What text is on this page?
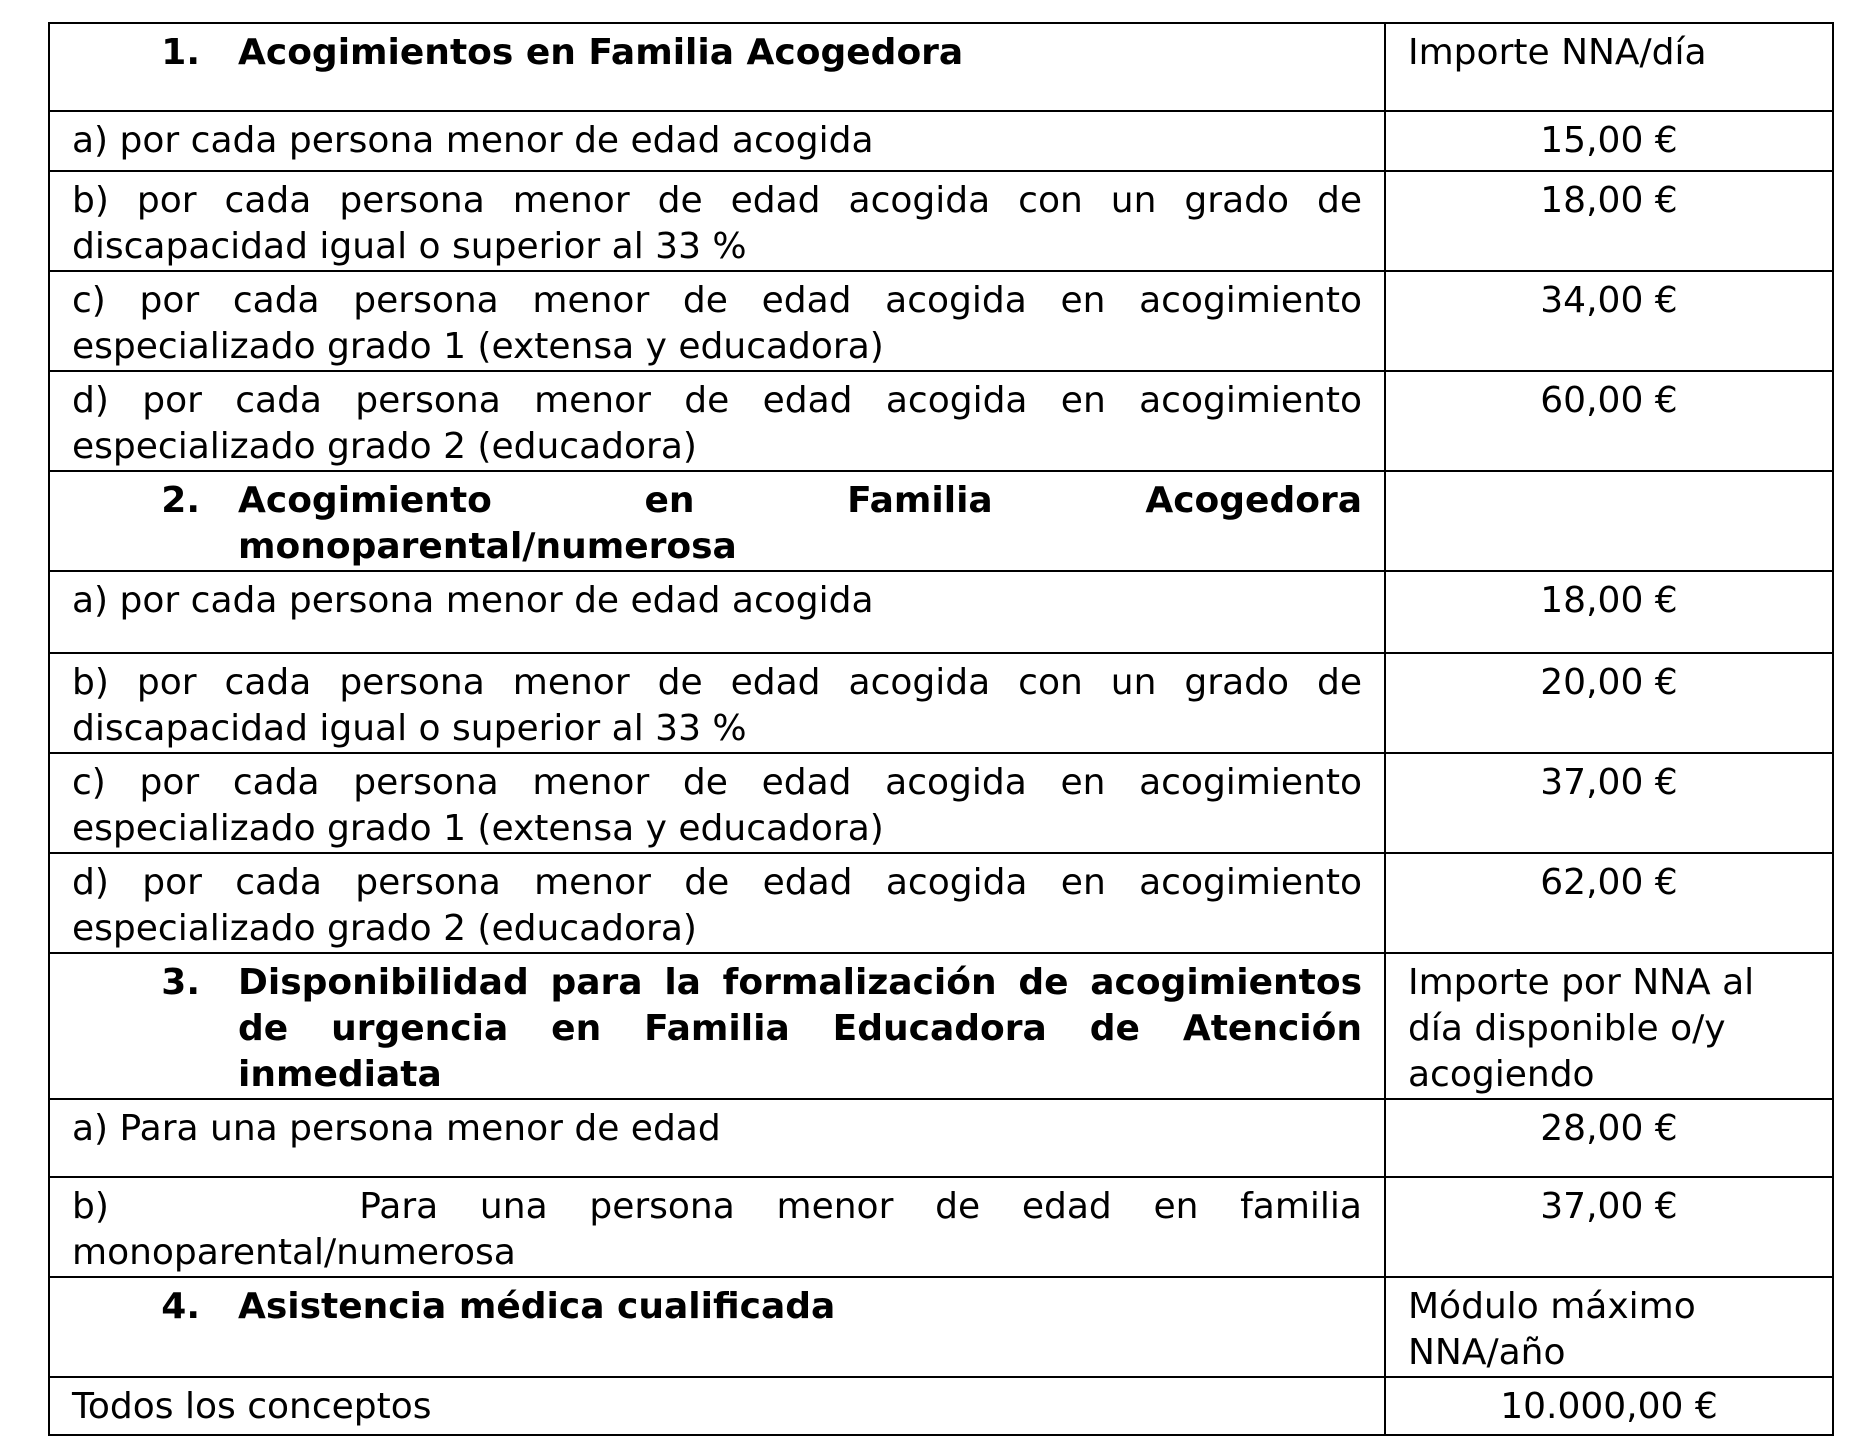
1. Acogimientos en Familia Acogedora	Importe NNA/día

a) por cada persona menor de edad acogida	15,00 €

b) por cada persona menor de edad acogida con un grado de discapacidad igual o superior al 33 %	18,00 €

c) por cada persona menor de edad acogida en acogimiento especializado grado 1 (extensa y educadora)	34,00 €

d) por cada persona menor de edad acogida en acogimiento especializado grado 2 (educadora)	60,00 €

2. Acogimiento en Familia Acogedora monoparental/numerosa	

a) por cada persona menor de edad acogida	18,00 €

b) por cada persona menor de edad acogida con un grado de discapacidad igual o superior al 33 %	20,00 €

c) por cada persona menor de edad acogida en acogimiento especializado grado 1 (extensa y educadora)	37,00 €

d) por cada persona menor de edad acogida en acogimiento especializado grado 2 (educadora)	62,00 €

3. Disponibilidad para la formalización de acogimientos de urgencia en Familia Educadora de Atención inmediata	Importe por NNA al día disponible o/y acogiendo

a) Para una persona menor de edad	28,00 €

b)      Para una persona menor de edad en familia monoparental/numerosa	37,00 €

4. Asistencia médica cualificada	Módulo máximo NNA/año

Todos los conceptos	10.000,00 €
